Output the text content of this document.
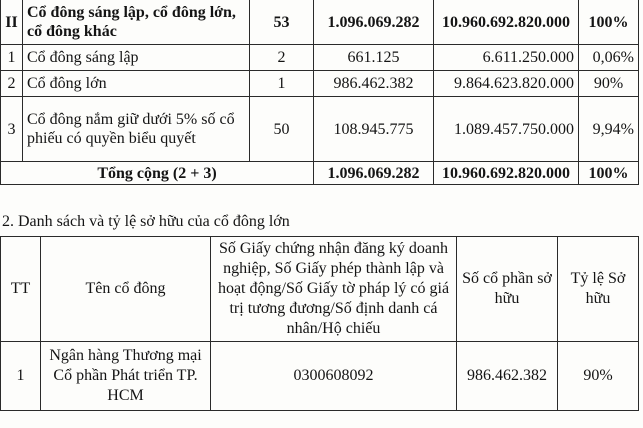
II	Cổ đông sáng lập, cổ đông lớn, cổ đông khác	53	1.096.069.282	10.960.692.820.000	100%
1	Cổ đông sáng lập	2	661.125	6.611.250.000	0,06%
2	Cổ đông lớn	1	986.462.382	9.864.623.820.000	90%
3	Cổ đông nắm giữ dưới 5% số cổ phiếu có quyền biểu quyết	50	108.945.775	1.089.457.750.000	9,94%
Tổng cộng (2 + 3)			1.096.069.282	10.960.692.820.000	100%
2. Danh sách và tỷ lệ sở hữu của cổ đông lớn
TT	Tên cổ đông	Số Giấy chứng nhận đăng ký doanh nghiệp, Số Giấy phép thành lập và hoạt động/Số Giấy tờ pháp lý có giá trị tương đương/Số định danh cá nhân/Hộ chiếu	Số cổ phần sở hữu	Tỷ lệ Sở hữu
1	Ngân hàng Thương mại Cổ phần Phát triển TP. HCM	0300608092	986.462.382	90%
